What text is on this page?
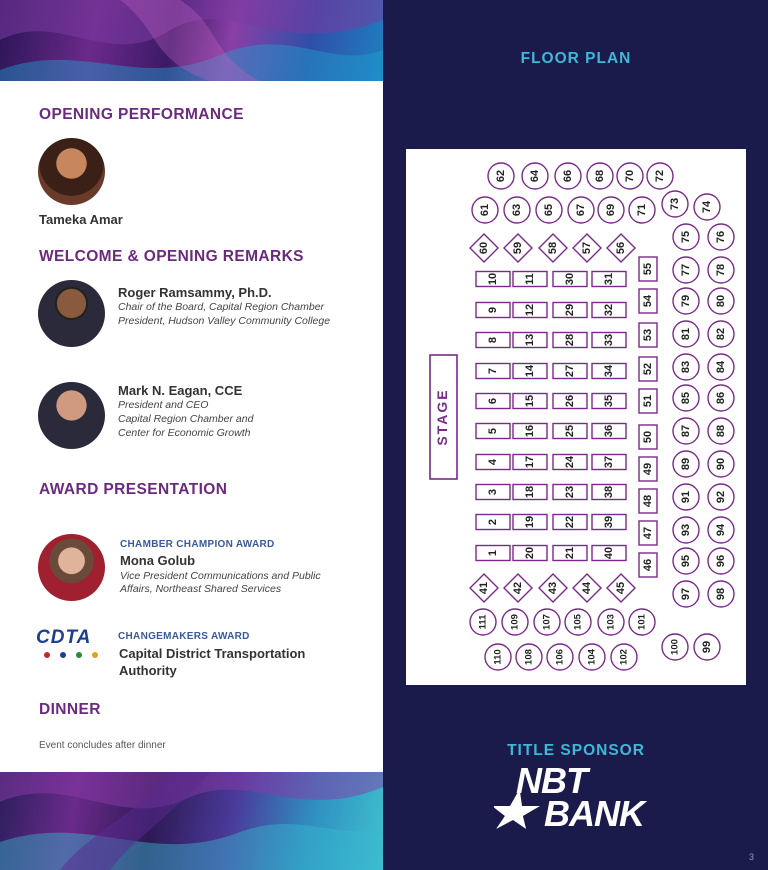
OPENING PERFORMANCE
Tameka Amar
WELCOME & OPENING REMARKS
Roger Ramsammy, Ph.D.
Chair of the Board, Capital Region Chamber
President, Hudson Valley Community College
Mark N. Eagan, CCE
President and CEO
Capital Region Chamber and
Center for Economic Growth
AWARD PRESENTATION
CHAMBER CHAMPION AWARD
Mona Golub
Vice President Communications and Public
Affairs, Northeast Shared Services
CDTA	CHANGEMAKERS AWARD
Capital District Transportation
Authority
DINNER
Event concludes after dinner
FLOOR PLAN
STAGE
1
2
3
4
5
6
7
8
9
10 11
12
13
14
15
16
17
18
19
20	21
22
23
24
25
26
27
28
29
30 31
32
33
34
35
36
37
38
39
40
41 42 43 44 45
46
47
48
49
50
51
52
53
54
55
56
57
58
59
60
61
62
63
64
65
66
67
68
69
70
71
72
73 74
75 76
77 78
79 80
81 82
83 84
85 86
87 88
89 90
91 92
93 94
95 96
97 98
99
100
101
102
103
104
105
106
107
108
109
110
111
TITLE SPONSOR
NBT
BANK
3
